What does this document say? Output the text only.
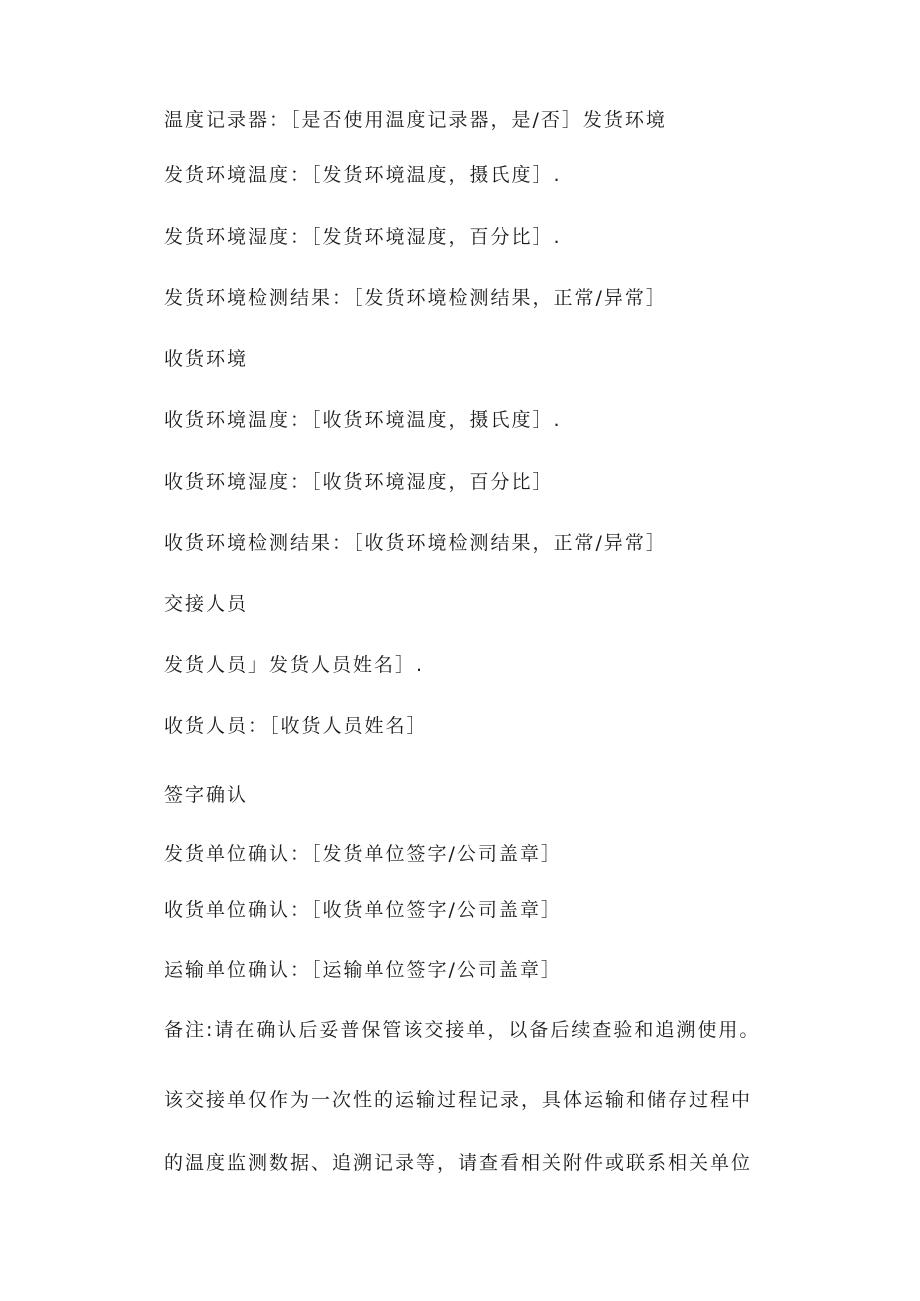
温度记录器：［是否使用温度记录器，是/否］发货环境
发货环境温度：［发货环境温度，摄氏度］.
发货环境湿度：［发货环境湿度，百分比］.
发货环境检测结果：［发货环境检测结果，正常/异常］
收货环境
收货环境温度：［收货环境温度，摄氏度］.
收货环境湿度：［收货环境湿度，百分比］
收货环境检测结果：［收货环境检测结果，正常/异常］
交接人员
发货人员」发货人员姓名］.
收货人员：［收货人员姓名］
签字确认
发货单位确认：［发货单位签字/公司盖章］
收货单位确认：［收货单位签字/公司盖章］
运输单位确认：［运输单位签字/公司盖章］
备注:请在确认后妥普保管该交接单，以备后续查验和追溯使用。
该交接单仅作为一次性的运输过程记录，具体运输和储存过程中
的温度监测数据、追溯记录等，请查看相关附件或联系相关单位
